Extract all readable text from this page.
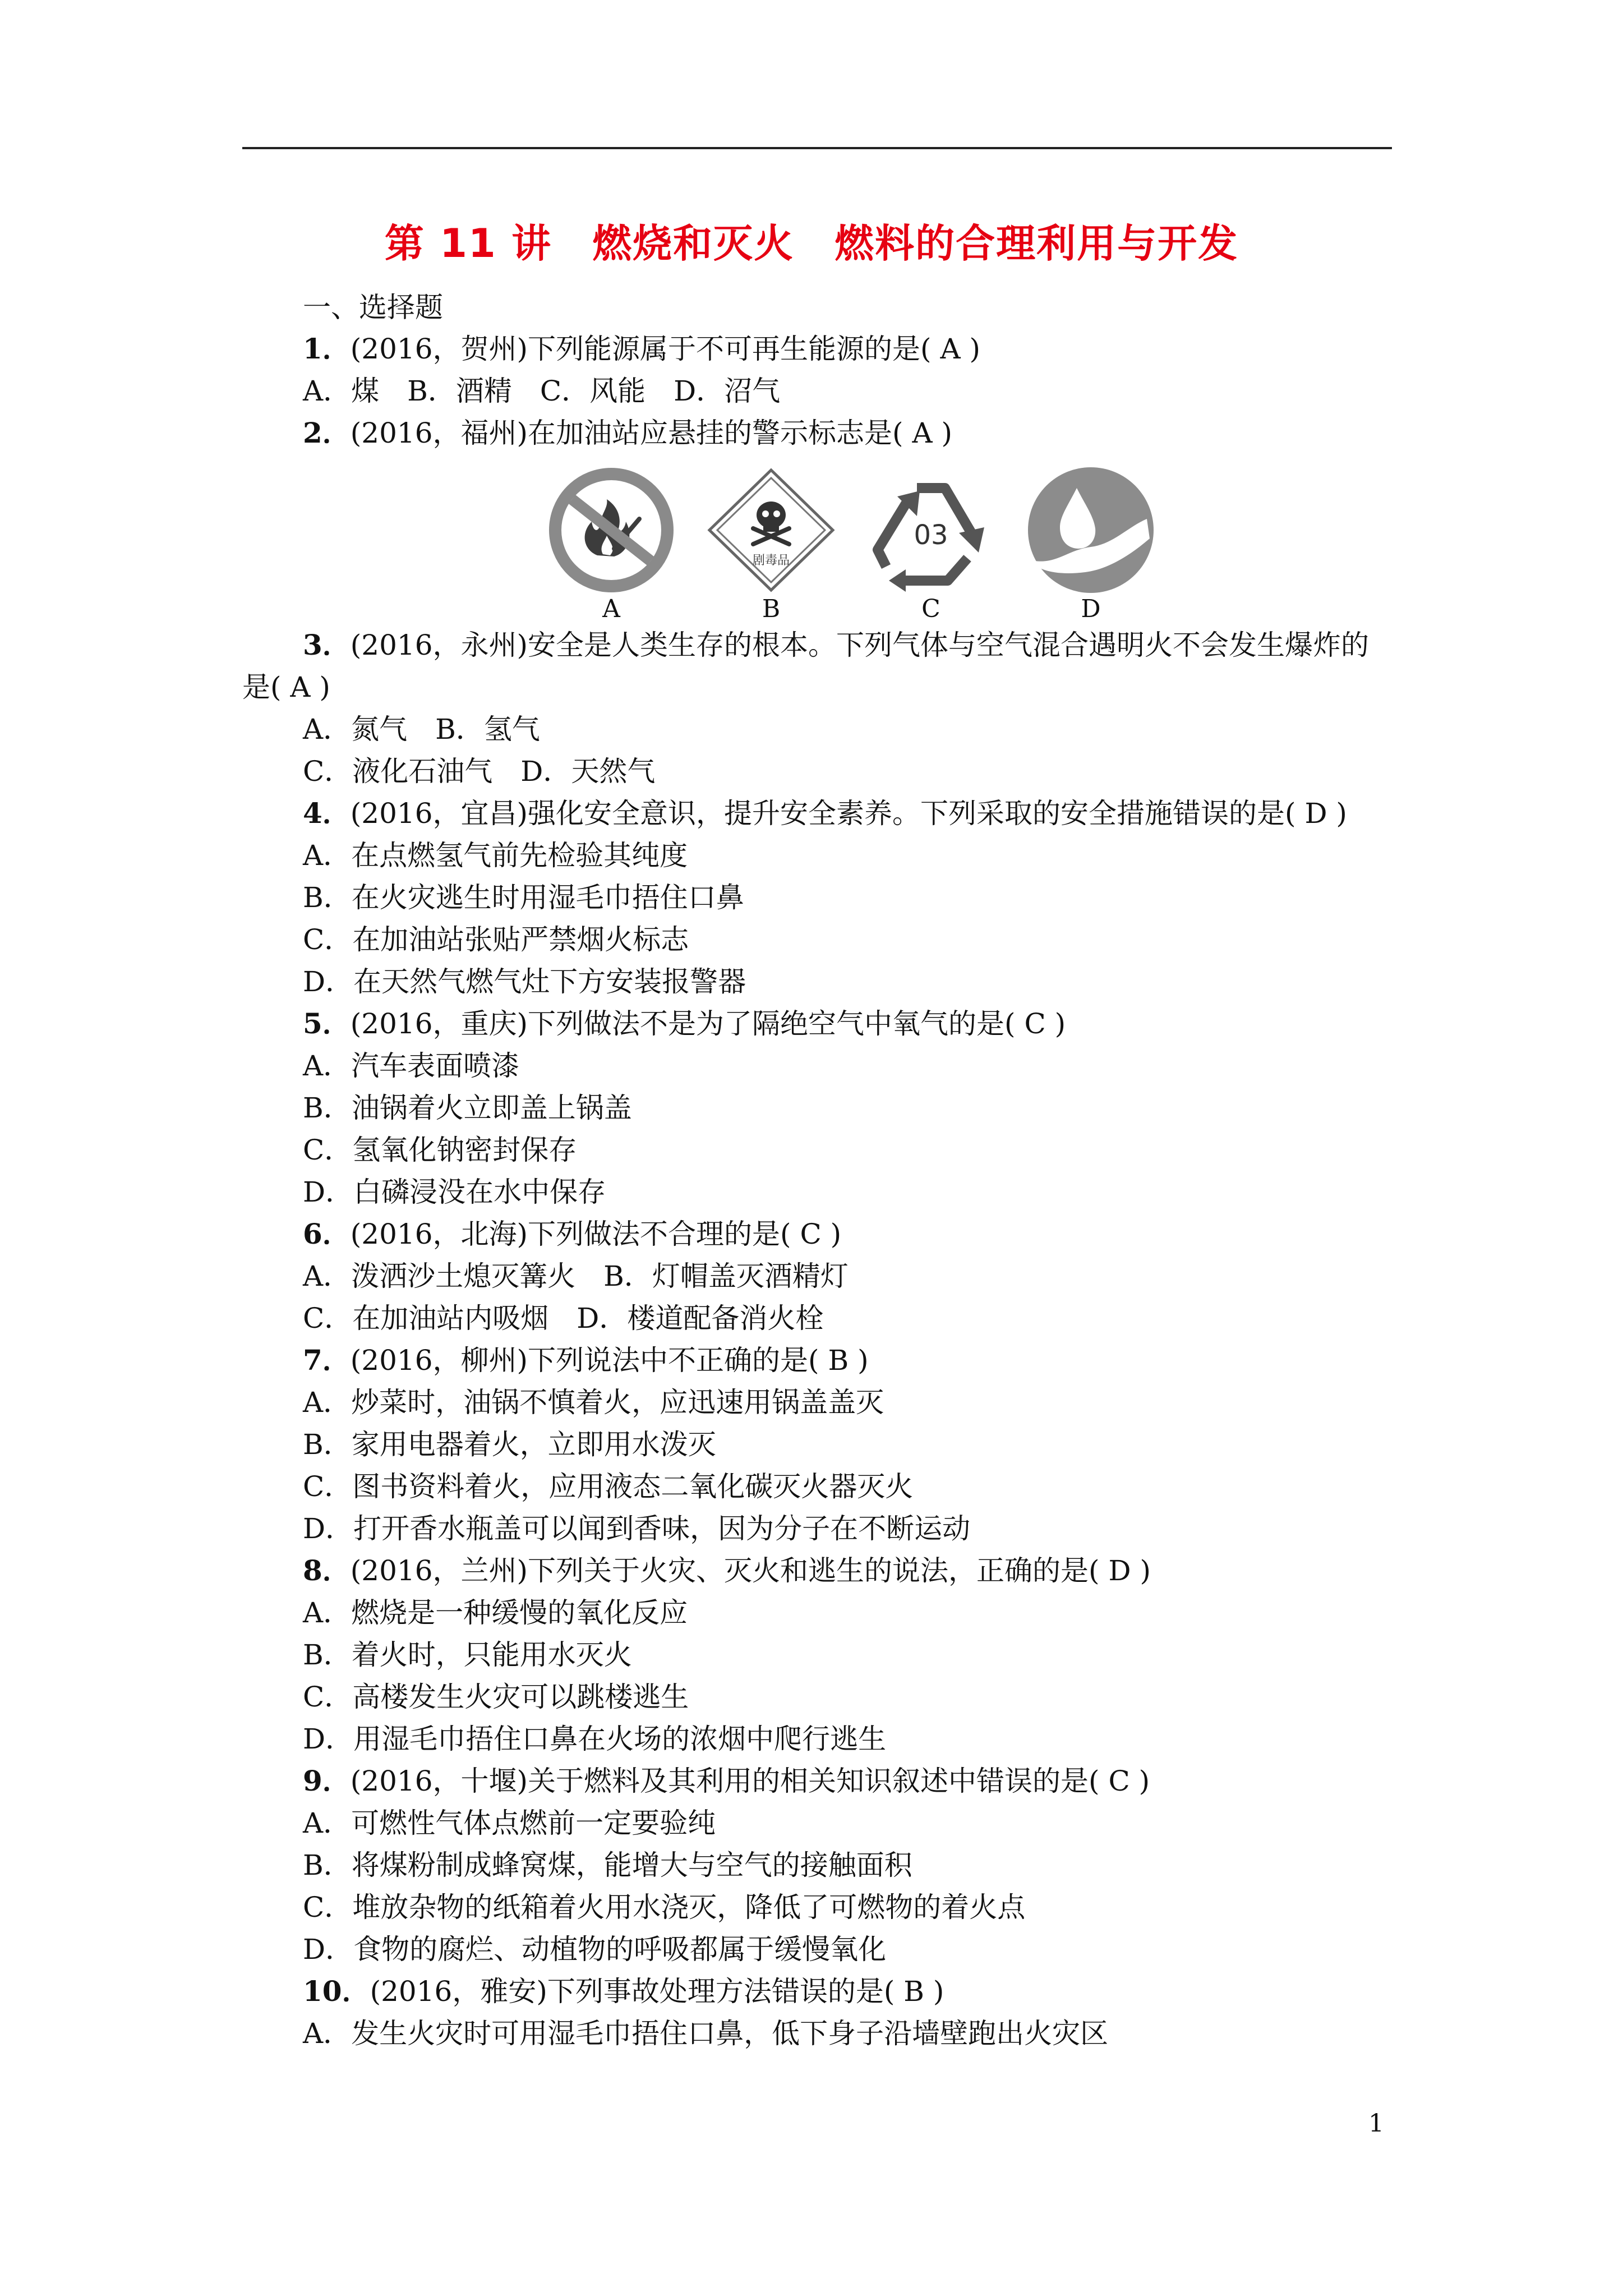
第 11 讲　燃烧和灭火　燃料的合理利用与开发
一、选择题
1．(2016，贺州)下列能源属于不可再生能源的是( A )
A．煤　B．酒精　C．风能　D．沼气
2．(2016，福州)在加油站应悬挂的警示标志是( A )
A
剧毒品
B
03
C	D
3．(2016，永州)安全是人类生存的根本。下列气体与空气混合遇明火不会发生爆炸的
是( A )
A．氮气　B．氢气
C．液化石油气　D．天然气
4．(2016，宜昌)强化安全意识，提升安全素养。下列采取的安全措施错误的是( D )
A．在点燃氢气前先检验其纯度
B．在火灾逃生时用湿毛巾捂住口鼻
C．在加油站张贴严禁烟火标志
D．在天然气燃气灶下方安装报警器
5．(2016，重庆)下列做法不是为了隔绝空气中氧气的是( C )
A．汽车表面喷漆
B．油锅着火立即盖上锅盖
C．氢氧化钠密封保存
D．白磷浸没在水中保存
6．(2016，北海)下列做法不合理的是( C )
A．泼洒沙土熄灭篝火　B．灯帽盖灭酒精灯
C．在加油站内吸烟　D．楼道配备消火栓
7．(2016，柳州)下列说法中不正确的是( B )
A．炒菜时，油锅不慎着火，应迅速用锅盖盖灭
B．家用电器着火，立即用水泼灭
C．图书资料着火，应用液态二氧化碳灭火器灭火
D．打开香水瓶盖可以闻到香味，因为分子在不断运动
8．(2016，兰州)下列关于火灾、灭火和逃生的说法，正确的是( D )
A．燃烧是一种缓慢的氧化反应
B．着火时，只能用水灭火
C．高楼发生火灾可以跳楼逃生
D．用湿毛巾捂住口鼻在火场的浓烟中爬行逃生
9．(2016，十堰)关于燃料及其利用的相关知识叙述中错误的是( C )
A．可燃性气体点燃前一定要验纯
B．将煤粉制成蜂窝煤，能增大与空气的接触面积
C．堆放杂物的纸箱着火用水浇灭，降低了可燃物的着火点
D．食物的腐烂、动植物的呼吸都属于缓慢氧化
10．(2016，雅安)下列事故处理方法错误的是( B )
A．发生火灾时可用湿毛巾捂住口鼻，低下身子沿墙壁跑出火灾区
1
